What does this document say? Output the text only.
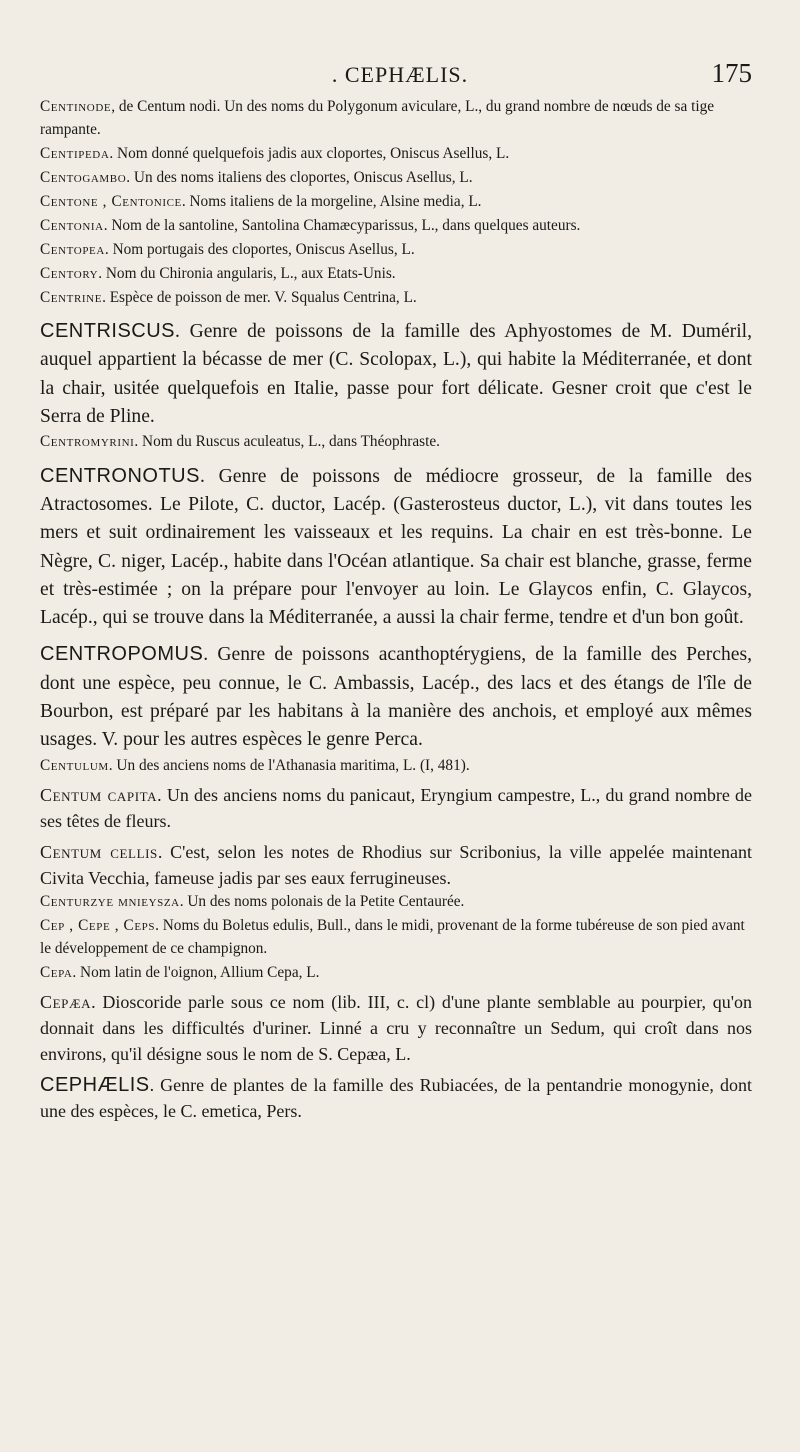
. CEPHÆLIS.	175

Centinode, de Centum nodi. Un des noms du Polygonum aviculare, L., du grand nombre de nœuds de sa tige rampante.

Centipeda. Nom donné quelquefois jadis aux cloportes, Oniscus Asellus, L.

Centogambo. Un des noms italiens des cloportes, Oniscus Asellus, L.

Centone , Centonice. Noms italiens de la morgeline, Alsine media, L.

Centonia. Nom de la santoline, Santolina Chamæcyparissus, L., dans quelques auteurs.

Centopea. Nom portugais des cloportes, Oniscus Asellus, L.

Centory. Nom du Chironia angularis, L., aux Etats-Unis.

Centrine. Espèce de poisson de mer. V. Squalus Centrina, L.

CENTRISCUS. Genre de poissons de la famille des Aphyostomes de M. Duméril, auquel appartient la bécasse de mer (C. Scolopax, L.), qui habite la Méditerranée, et dont la chair, usitée quelquefois en Italie, passe pour fort délicate. Gesner croit que c'est le Serra de Pline.

Centromyrini. Nom du Ruscus aculeatus, L., dans Théophraste.

CENTRONOTUS. Genre de poissons de médiocre grosseur, de la famille des Atractosomes. Le Pilote, C. ductor, Lacép. (Gasterosteus ductor, L.), vit dans toutes les mers et suit ordinairement les vaisseaux et les requins. La chair en est très-bonne. Le Nègre, C. niger, Lacép., habite dans l'Océan atlantique. Sa chair est blanche, grasse, ferme et très-estimée ; on la prépare pour l'envoyer au loin. Le Glaycos enfin, C. Glaycos, Lacép., qui se trouve dans la Méditerranée, a aussi la chair ferme, tendre et d'un bon goût.

CENTROPOMUS. Genre de poissons acanthoptérygiens, de la famille des Perches, dont une espèce, peu connue, le C. Ambassis, Lacép., des lacs et des étangs de l'île de Bourbon, est préparé par les habitans à la manière des anchois, et employé aux mêmes usages. V. pour les autres espèces le genre Perca.

Centulum. Un des anciens noms de l'Athanasia maritima, L. (I, 481).

Centum capita. Un des anciens noms du panicaut, Eryngium campestre, L., du grand nombre de ses têtes de fleurs.

Centum cellis. C'est, selon les notes de Rhodius sur Scribonius, la ville appelée maintenant Civita Vecchia, fameuse jadis par ses eaux ferrugineuses.

Centurzye mnieyszа. Un des noms polonais de la Petite Centaurée.

Cep , Cepe , Ceps. Noms du Boletus edulis, Bull., dans le midi, provenant de la forme tubéreuse de son pied avant le développement de ce champignon.

Cepa. Nom latin de l'oignon, Allium Cepa, L.

Cepæa. Dioscoride parle sous ce nom (lib. III, c. cl) d'une plante semblable au pourpier, qu'on donnait dans les difficultés d'uriner. Linné a cru y reconnaître un Sedum, qui croît dans nos environs, qu'il désigne sous le nom de S. Cepæa, L.

CEPHÆLIS. Genre de plantes de la famille des Rubiacées, de la pentandrie monogynie, dont une des espèces, le C. emetica, Pers.
